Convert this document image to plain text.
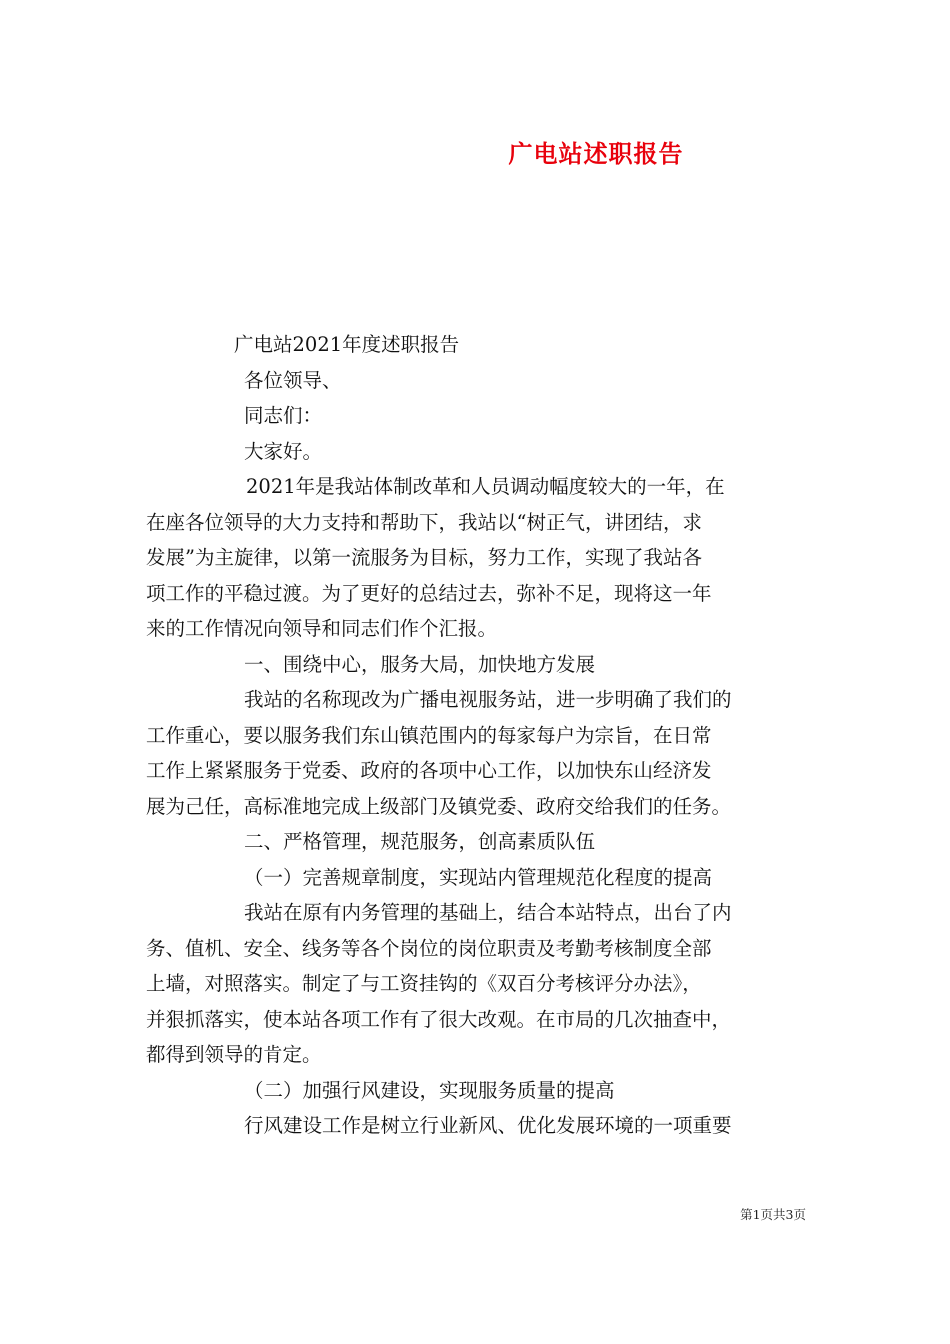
广电站述职报告
广电站2021年度述职报告
各位领导、
同志们：
大家好。
2021年是我站体制改革和人员调动幅度较大的一年，在
在座各位领导的大力支持和帮助下，我站以“树正气，讲团结，求
发展”为主旋律，以第一流服务为目标，努力工作，实现了我站各
项工作的平稳过渡。为了更好的总结过去，弥补不足，现将这一年
来的工作情况向领导和同志们作个汇报。
一、围绕中心，服务大局，加快地方发展
我站的名称现改为广播电视服务站，进一步明确了我们的
工作重心，要以服务我们东山镇范围内的每家每户为宗旨，在日常
工作上紧紧服务于党委、政府的各项中心工作，以加快东山经济发
展为己任，高标准地完成上级部门及镇党委、政府交给我们的任务。
二、严格管理，规范服务，创高素质队伍
（一）完善规章制度，实现站内管理规范化程度的提高
我站在原有内务管理的基础上，结合本站特点，出台了内
务、值机、安全、线务等各个岗位的岗位职责及考勤考核制度全部
上墙，对照落实。制定了与工资挂钩的《双百分考核评分办法》，
并狠抓落实，使本站各项工作有了很大改观。在市局的几次抽查中，
都得到领导的肯定。
（二）加强行风建设，实现服务质量的提高
行风建设工作是树立行业新风、优化发展环境的一项重要
第1页共3页
